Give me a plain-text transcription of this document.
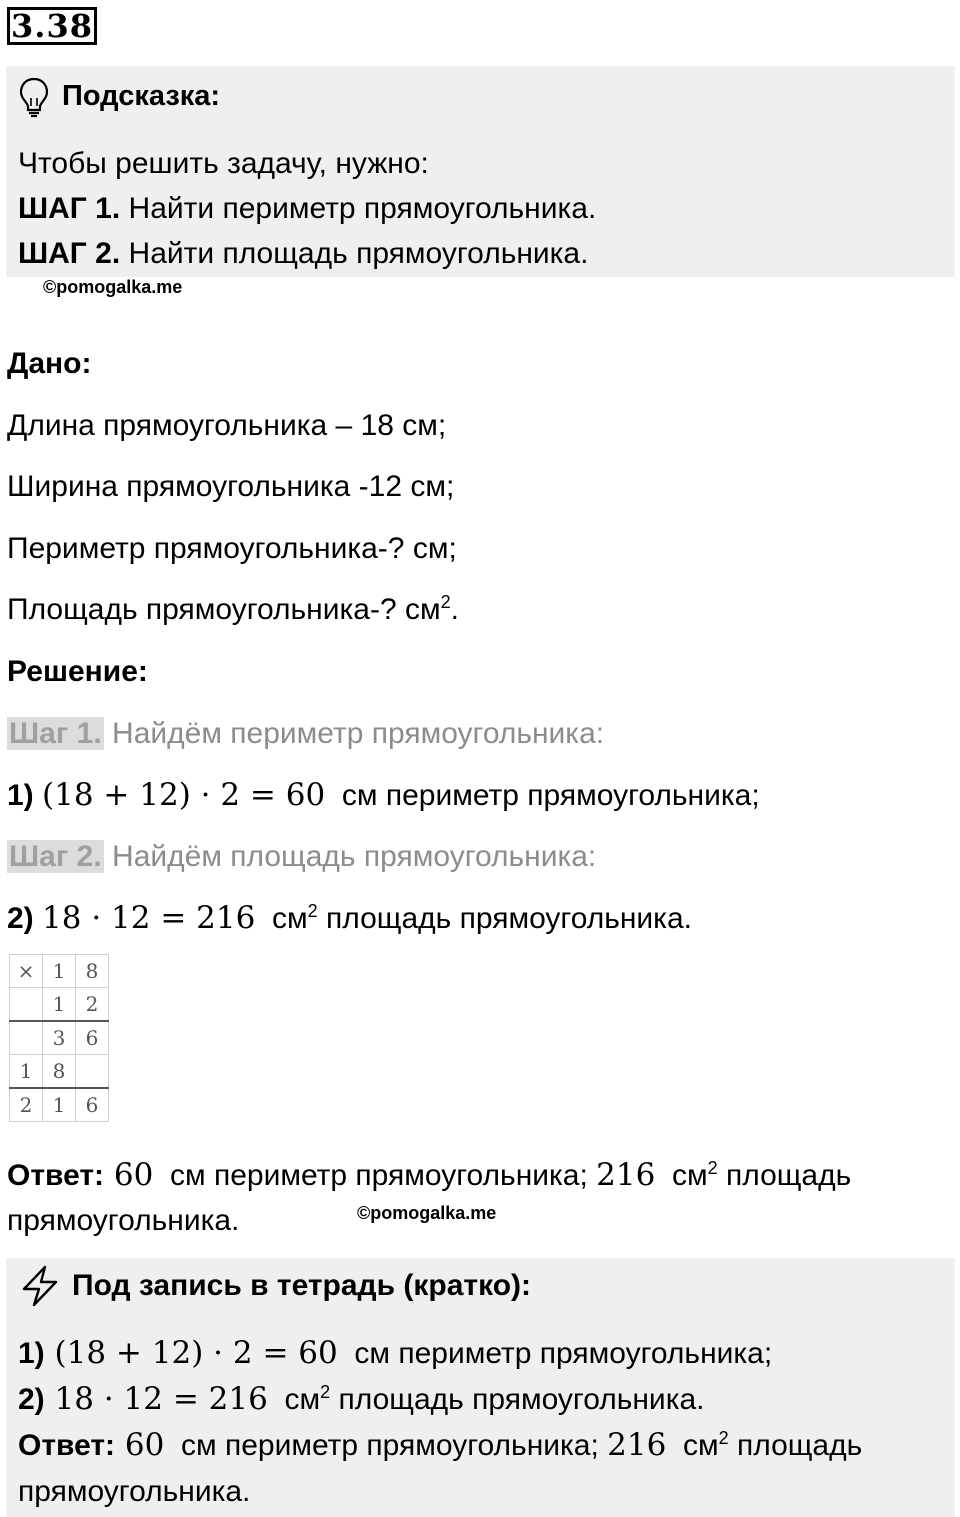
3.38
Подсказка:
Чтобы решить задачу, нужно:
ШАГ 1. Найти периметр прямоугольника.
ШАГ 2. Найти площадь прямоугольника.
©pomogalka.me
Дано:
Длина прямоугольника – 18 см;
Ширина прямоугольника -12 см;
Периметр прямоугольника-? см;
Площадь прямоугольника-? $см^2$.
Решение:
Шаг 1. Найдём периметр прямоугольника:
1) (18 + 12) · 2 = 60  см периметр прямоугольника;
Шаг 2. Найдём площадь прямоугольника:
2) 18 · 12 = 216  $см^2$ площадь прямоугольника.
×	1	8
	1	2
	3	6
1	8	
2	1	6
Ответ: 60  см периметр прямоугольника; 216  $см^2$ площадь
прямоугольника.	©pomogalka.me
Под запись в тетрадь (кратко):
1) (18 + 12) · 2 = 60  см периметр прямоугольника;
2) 18 · 12 = 216  $см^2$ площадь прямоугольника.
Ответ: 60  см периметр прямоугольника; 216  $см^2$ площадь
прямоугольника.
